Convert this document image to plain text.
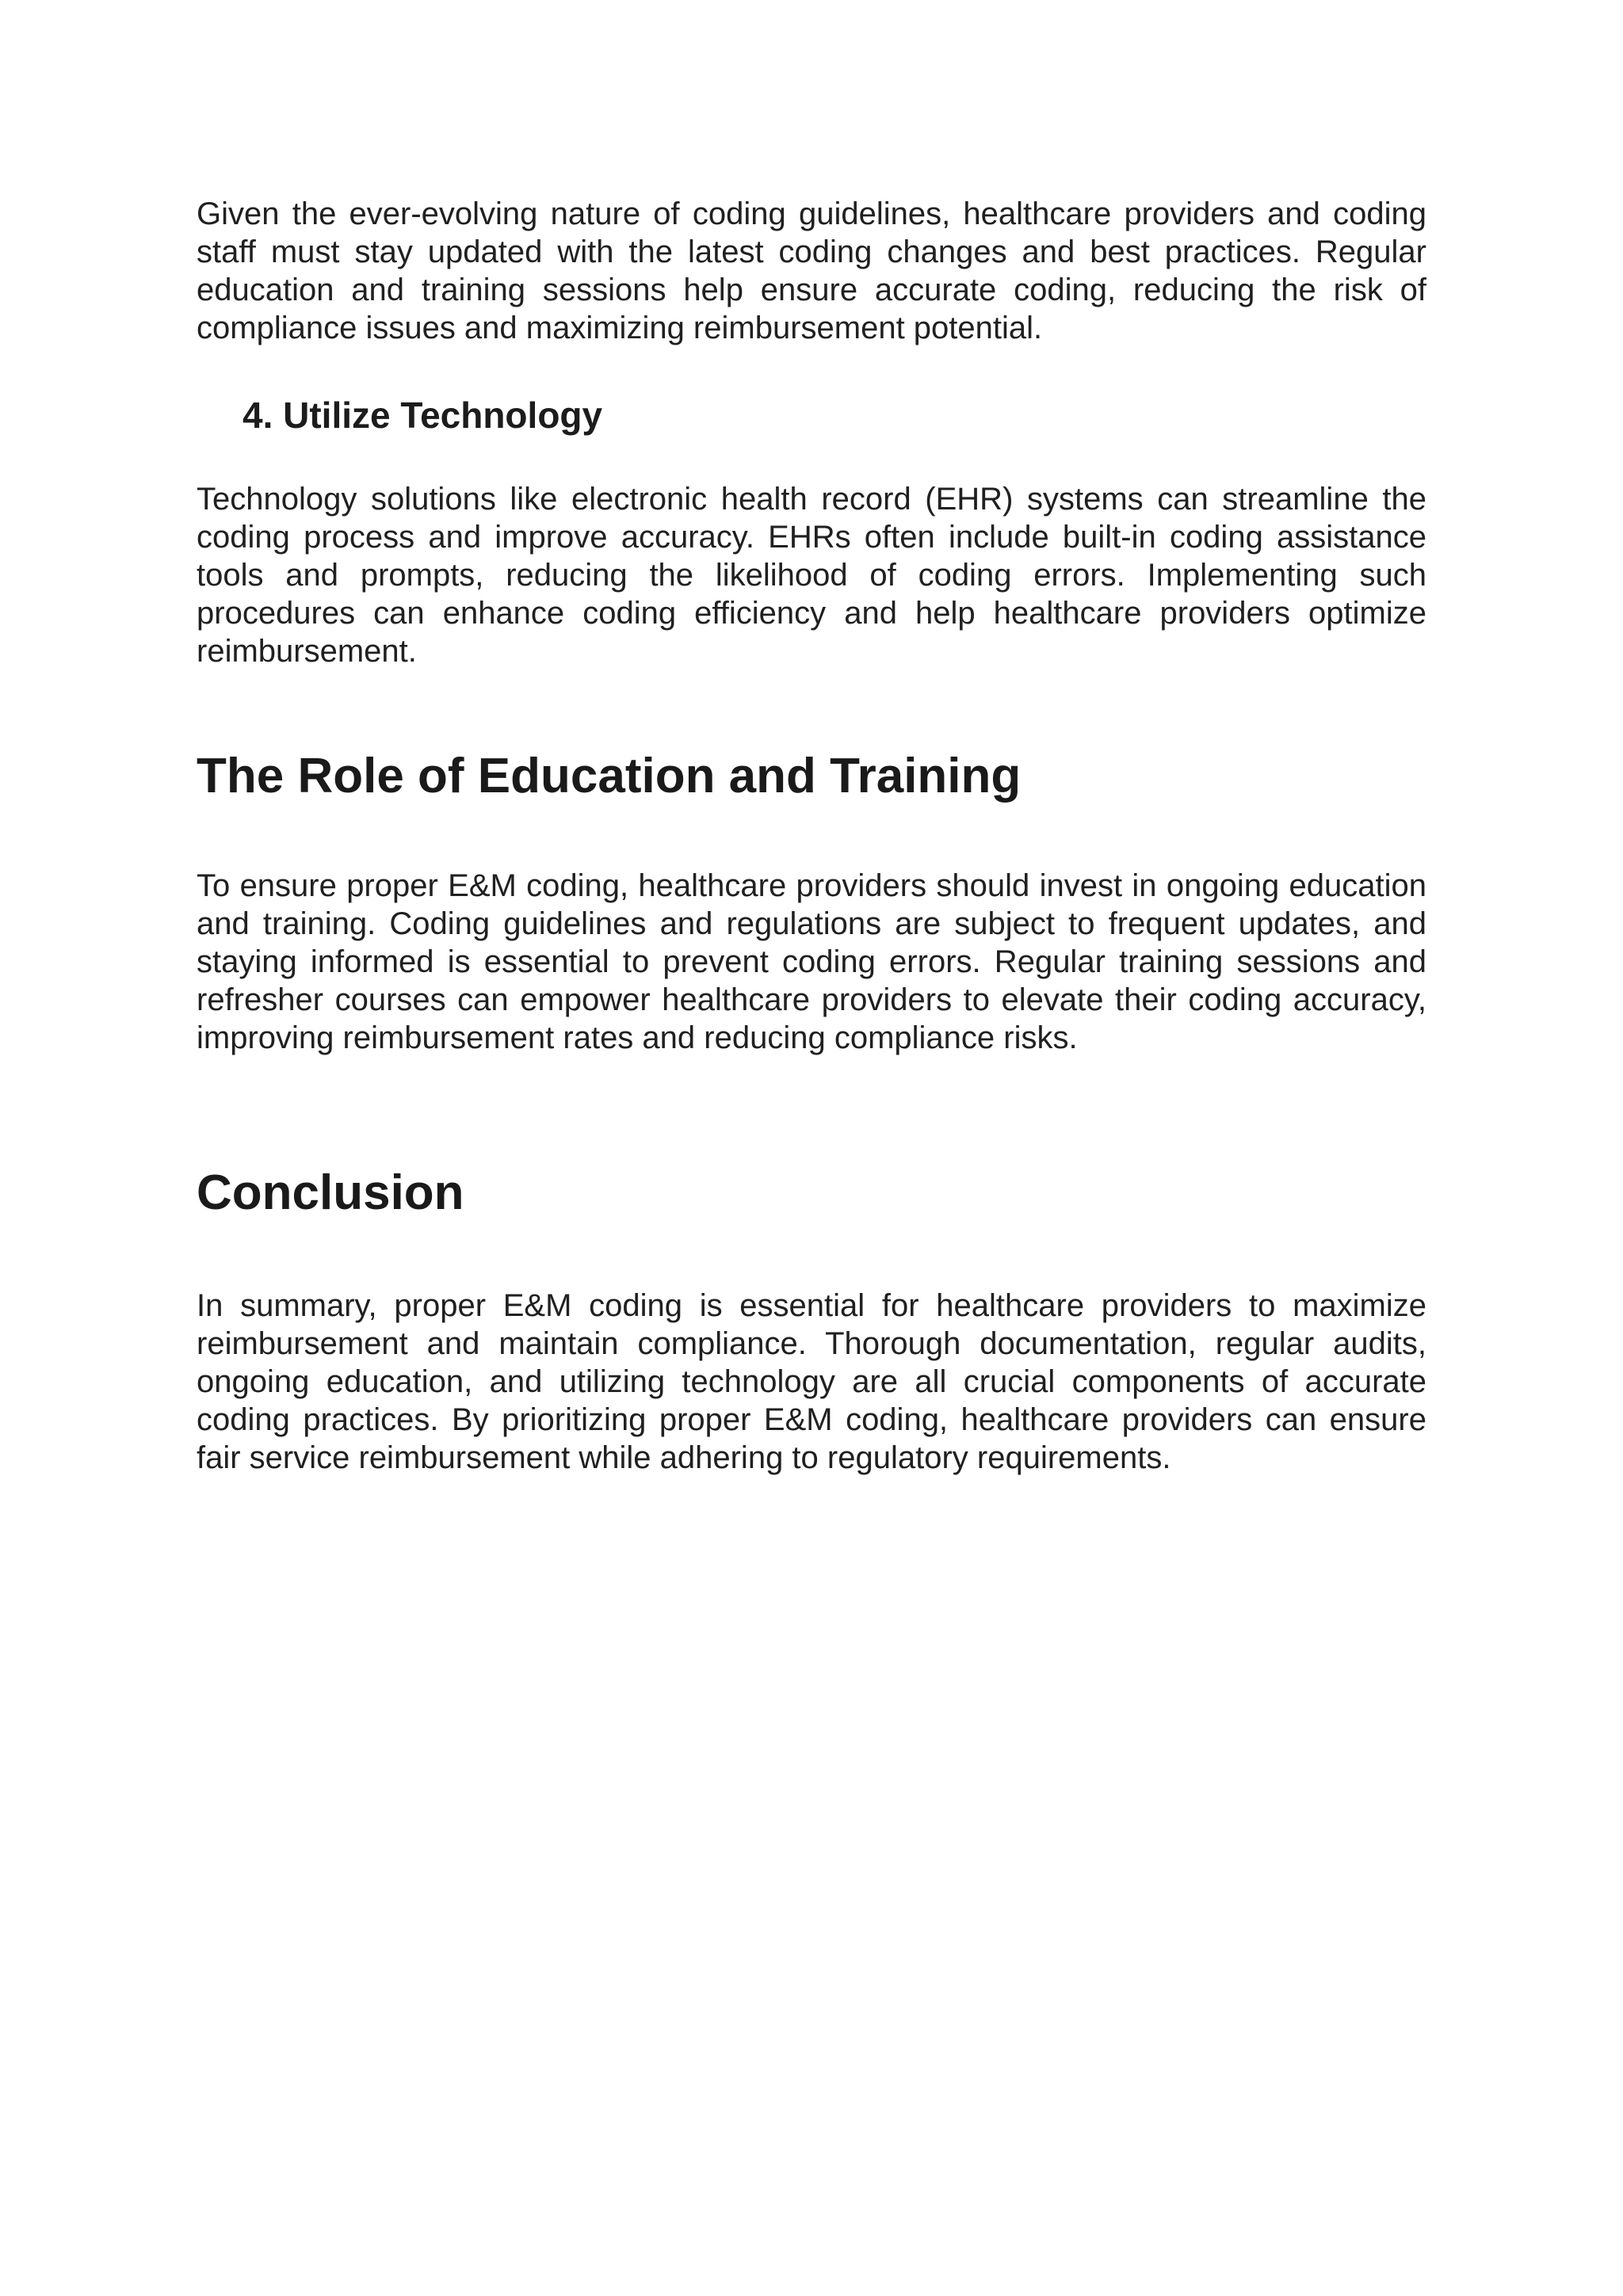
Given the ever-evolving nature of coding guidelines, healthcare providers and coding staff must stay updated with the latest coding changes and best practices. Regular education and training sessions help ensure accurate coding, reducing the risk of compliance issues and maximizing reimbursement potential.

4. Utilize Technology

Technology solutions like electronic health record (EHR) systems can streamline the coding process and improve accuracy. EHRs often include built-in coding assistance tools and prompts, reducing the likelihood of coding errors. Implementing such procedures can enhance coding efficiency and help healthcare providers optimize reimbursement.

The Role of Education and Training

To ensure proper E&M coding, healthcare providers should invest in ongoing education and training. Coding guidelines and regulations are subject to frequent updates, and staying informed is essential to prevent coding errors. Regular training sessions and refresher courses can empower healthcare providers to elevate their coding accuracy, improving reimbursement rates and reducing compliance risks.

Conclusion

In summary, proper E&M coding is essential for healthcare providers to maximize reimbursement and maintain compliance. Thorough documentation, regular audits, ongoing education, and utilizing technology are all crucial components of accurate coding practices. By prioritizing proper E&M coding, healthcare providers can ensure fair service reimbursement while adhering to regulatory requirements.
